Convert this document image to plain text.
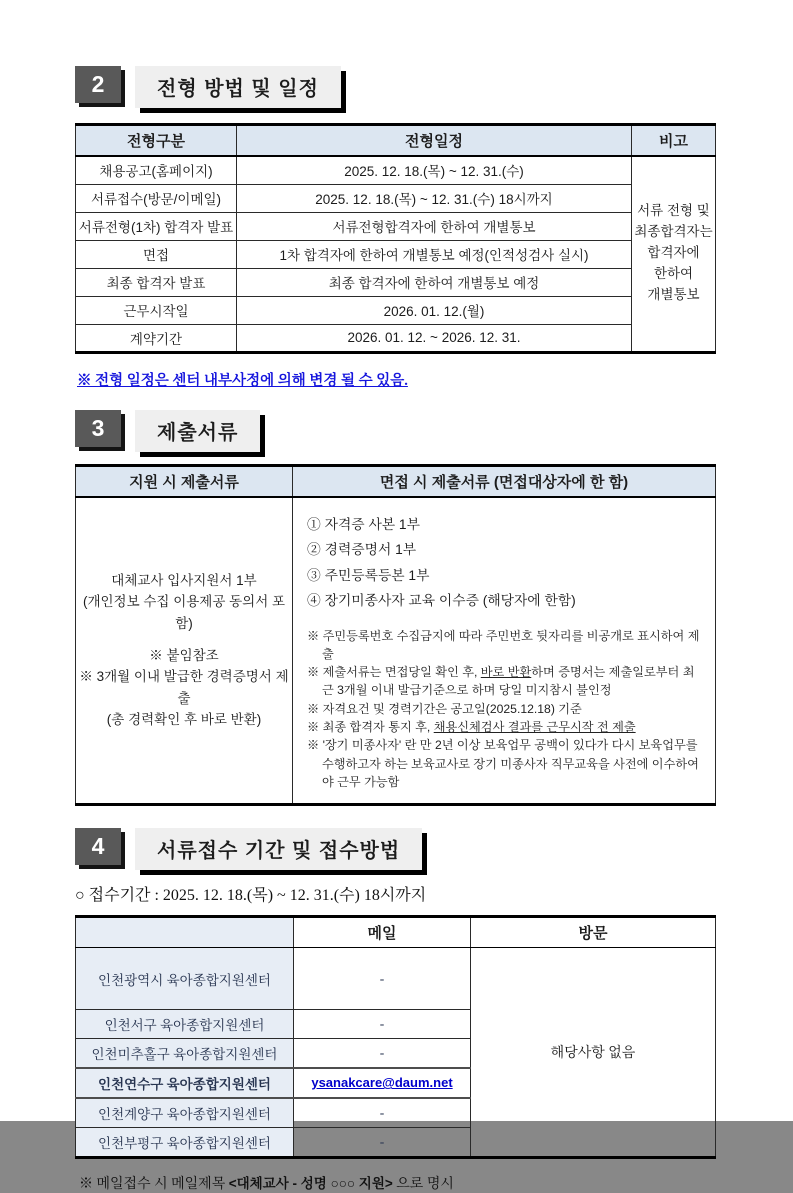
2	전형 방법 및 일정
전형구분	전형일정	비고
채용공고(홈페이지)	2025. 12. 18.(목) ~ 12. 31.(수)	서류 전형 및
최종합격자는
합격자에
한하여
개별통보

서류접수(방문/이메일)	2025. 12. 18.(목) ~ 12. 31.(수) 18시까지	
서류전형(1차) 합격자 발표	서류전형합격자에 한하여 개별통보	
면접	1차 합격자에 한하여 개별통보 예정(인적성검사 실시)	
최종 합격자 발표	최종 합격자에 한하여 개별통보 예정	
근무시작일	2026. 01. 12.(월)	
계약기간	2026. 01. 12. ~ 2026. 12. 31.	
※ 전형 일정은 센터 내부사정에 의해 변경 될 수 있음.
3	제출서류
지원 시 제출서류	면접 시 제출서류 (면접대상자에 한 함)

대체교사 입사지원서 1부
(개인정보 수집 이용제공 동의서 포함)
※ 붙임참조
※ 3개월 이내 발급한 경력증명서 제출
(총 경력확인 후 바로 반환)

① 자격증 사본 1부
② 경력증명서 1부
③ 주민등록등본 1부
④ 장기미종사자 교육 이수증 (해당자에 한함)
※ 주민등록번호 수집금지에 따라 주민번호 뒷자리를 비공개로 표시하여 제출
※ 제출서류는 면접당일 확인 후, 바로 반환하며 증명서는 제출일로부터 최근 3개월 이내 발급기준으로 하며 당일 미지참시 불인정
※ 자격요건 및 경력기간은 공고일(2025.12.18) 기준
※ 최종 합격자 통지 후, 채용신체검사 결과를 근무시작 전 제출
※ '장기 미종사자' 란 만 2년 이상 보육업무 공백이 있다가 다시 보육업무를 수행하고자 하는 보육교사로 장기 미종사자 직무교육을 사전에 이수하여야 근무 가능함
4	서류접수 기간 및 접수방법
○ 접수기간 : 2025. 12. 18.(목) ~ 12. 31.(수) 18시까지
	메일	방문
인천광역시 육아종합지원센터	-	해당사항 없음
인천서구 육아종합지원센터	-	
인천미추홀구 육아종합지원센터	-	
인천연수구 육아종합지원센터	ysanakcare@daum.net	
인천계양구 육아종합지원센터	-	
인천부평구 육아종합지원센터	-	
※ 메일접수 시 메일제목 <대체교사 - 성명 ○○○ 지원> 으로 명시
